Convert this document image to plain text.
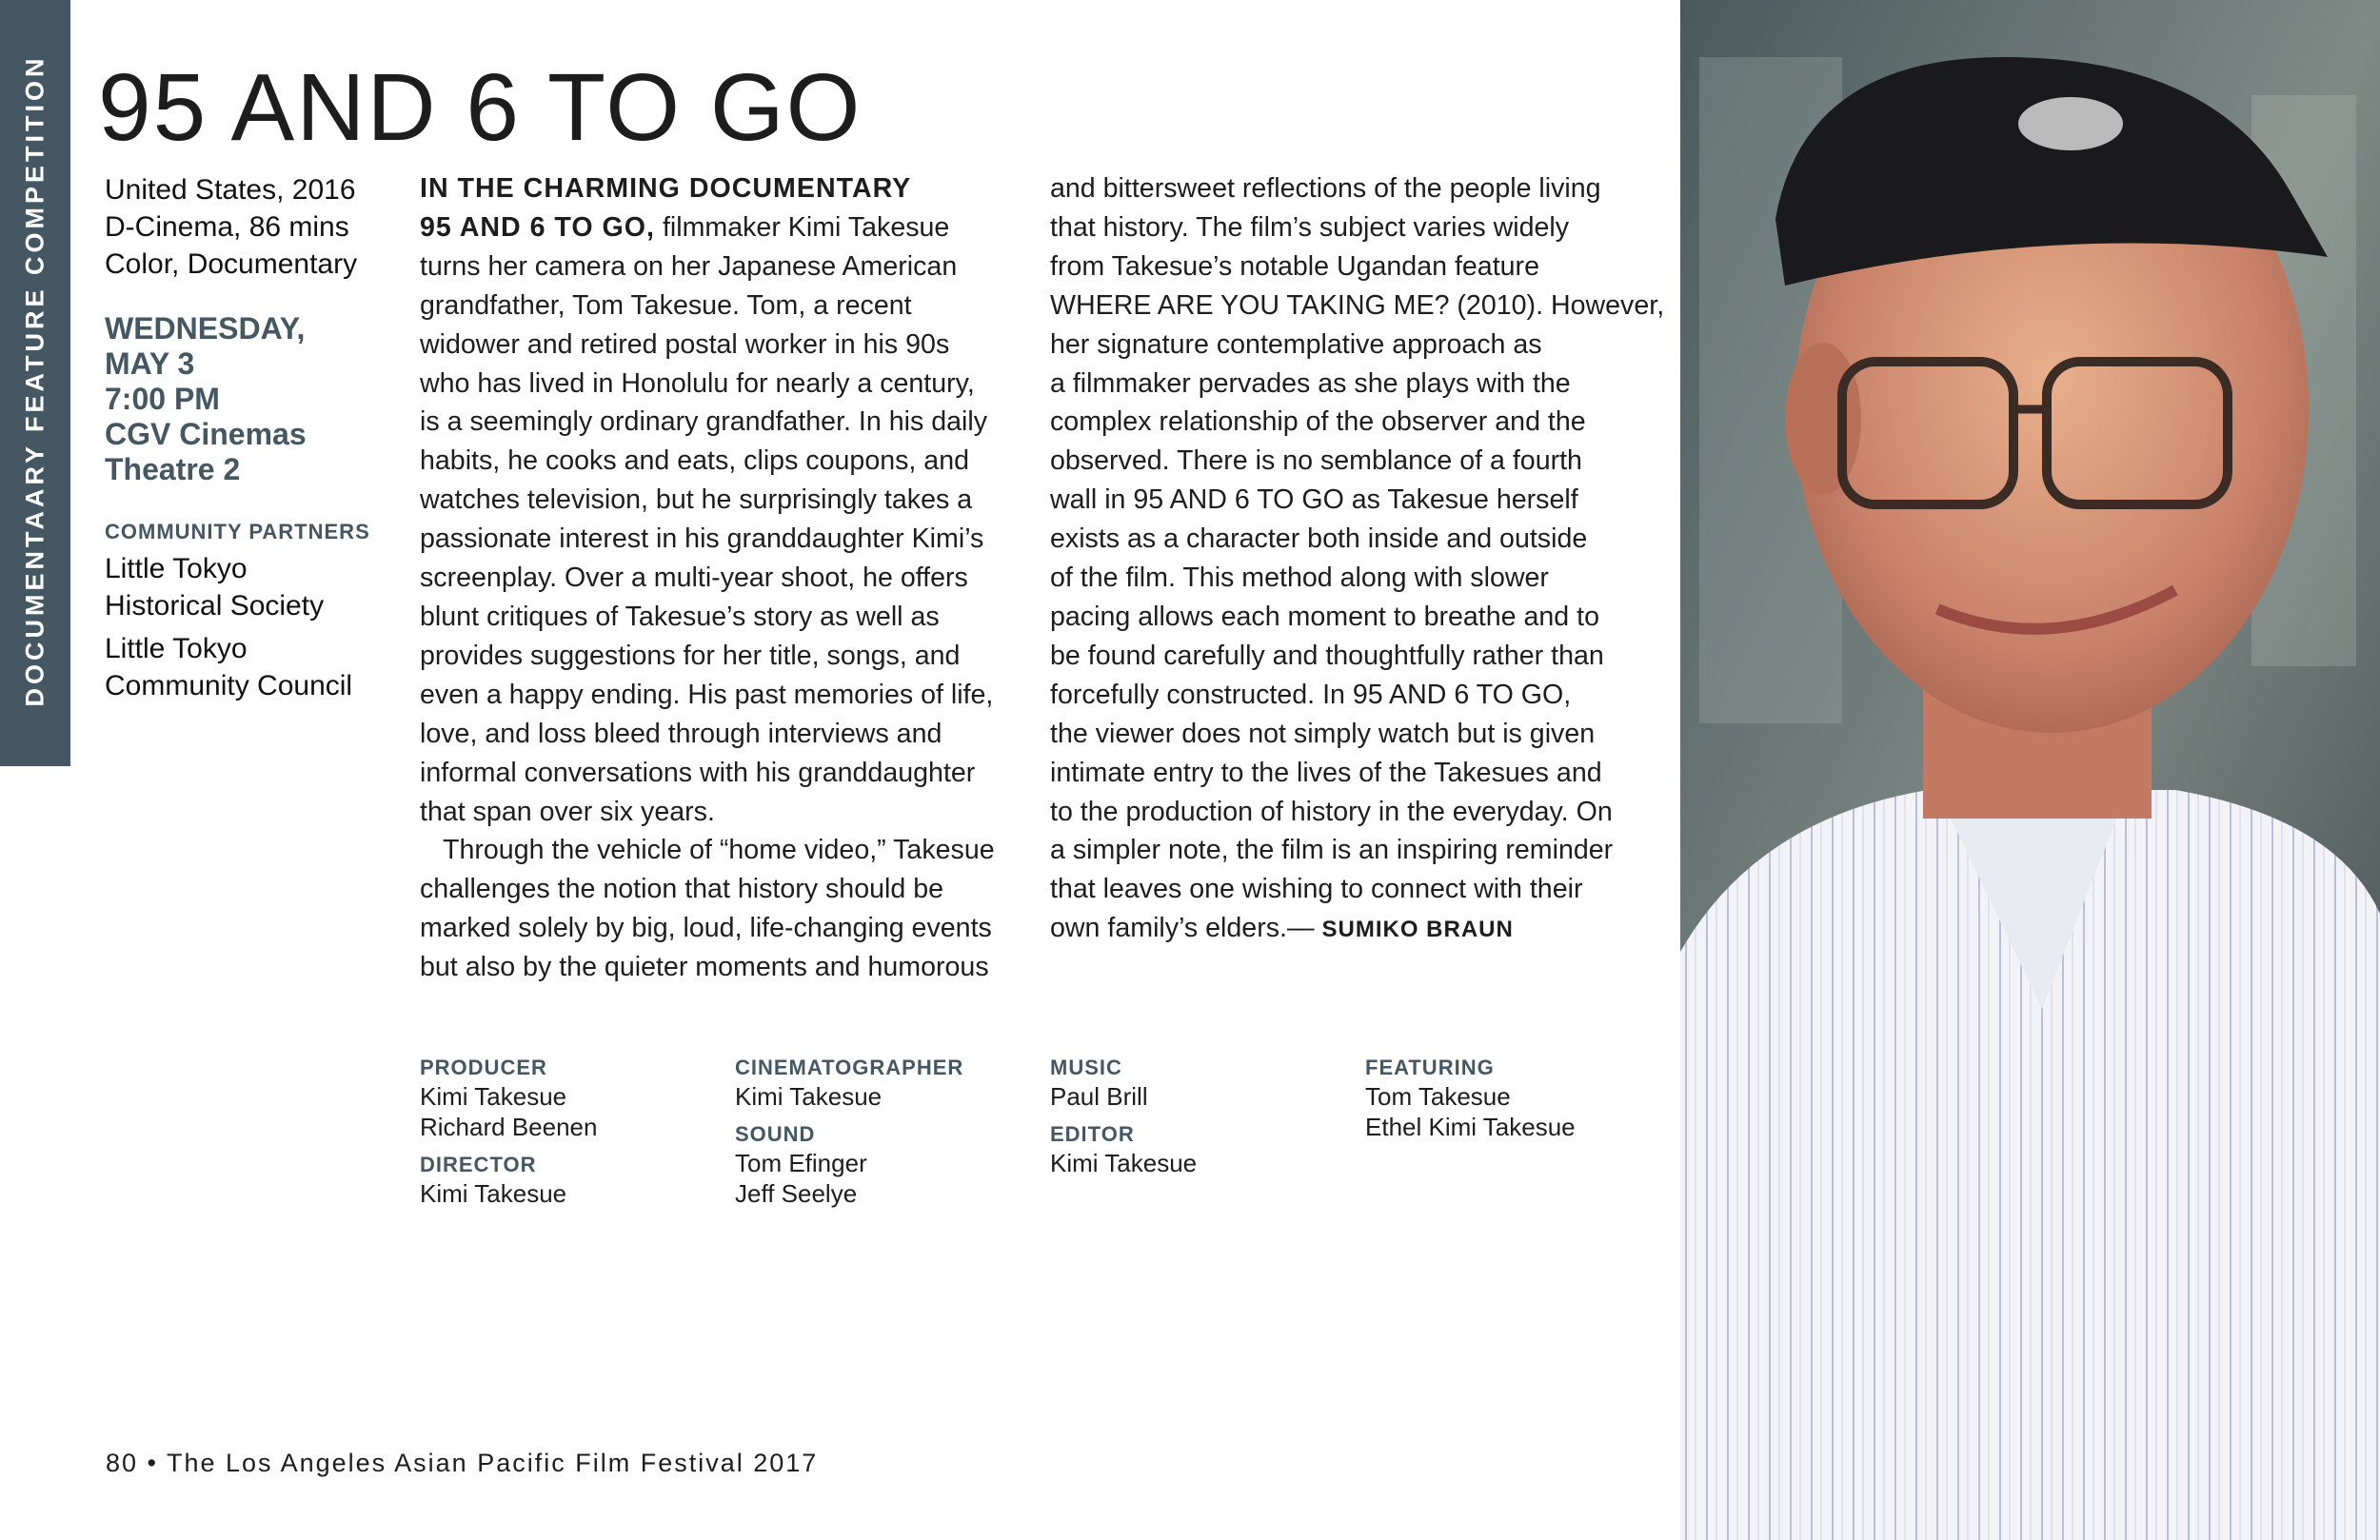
DOCUMENTAARY FEATURE COMPETITION 95 AND 6 TO GO
United States, 2016
D-Cinema, 86 mins
Color, Documentary
WEDNESDAY,
MAY 3
7:00 PM
CGV Cinemas
Theatre 2
COMMUNITY PARTNERS
Little Tokyo
Historical Society
Little Tokyo
Community Council
IN THE CHARMING DOCUMENTARY
95 AND 6 TO GO, filmmaker Kimi Takesue
turns her camera on her Japanese American
grandfather, Tom Takesue. Tom, a recent
widower and retired postal worker in his 90s
who has lived in Honolulu for nearly a century,
is a seemingly ordinary grandfather. In his daily
habits, he cooks and eats, clips coupons, and
watches television, but he surprisingly takes a
passionate interest in his granddaughter Kimi’s
screenplay. Over a multi-year shoot, he offers
blunt critiques of Takesue’s story as well as
provides suggestions for her title, songs, and
even a happy ending. His past memories of life,
love, and loss bleed through interviews and
informal conversations with his granddaughter
that span over six years.
Through the vehicle of “home video,” Takesue
challenges the notion that history should be
marked solely by big, loud, life-changing events
but also by the quieter moments and humorous
and bittersweet reflections of the people living
that history. The film’s subject varies widely
from Takesue’s notable Ugandan feature
WHERE ARE YOU TAKING ME? (2010). However,
her signature contemplative approach as
a filmmaker pervades as she plays with the
complex relationship of the observer and the
observed. There is no semblance of a fourth
wall in 95 AND 6 TO GO as Takesue herself
exists as a character both inside and outside
of the film. This method along with slower
pacing allows each moment to breathe and to
be found carefully and thoughtfully rather than
forcefully constructed. In 95 AND 6 TO GO,
the viewer does not simply watch but is given
intimate entry to the lives of the Takesues and
to the production of history in the everyday. On
a simpler note, the film is an inspiring reminder
that leaves one wishing to connect with their
own family’s elders.— SUMIKO BRAUN
PRODUCER
Kimi Takesue
Richard Beenen
DIRECTOR
Kimi Takesue
CINEMATOGRAPHER
Kimi Takesue
SOUND
Tom Efinger
Jeff Seelye
MUSIC
Paul Brill
EDITOR
Kimi Takesue
FEATURING
Tom Takesue
Ethel Kimi Takesue
80 • The Los Angeles Asian Pacific Film Festival 2017
